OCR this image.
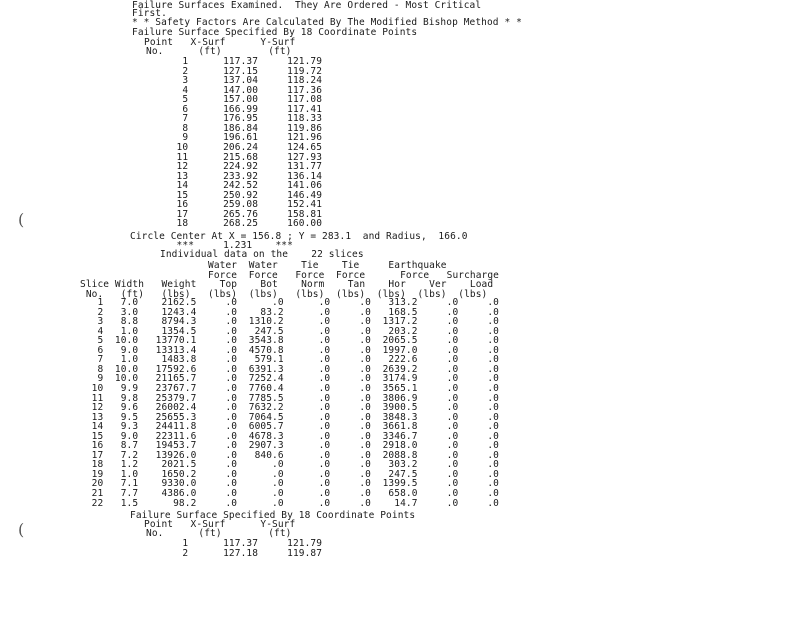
Failure Surfaces Examined.  They Are Ordered - Most Critical
First.
* * Safety Factors Are Calculated By The Modified Bishop Method * *
Failure Surface Specified By 18 Coordinate Points
Point   X-Surf      Y-Surf
No.      (ft)        (ft)
1      117.37     121.79
2      127.15     119.72
3      137.04     118.24
4      147.00     117.36
5      157.00     117.08
6      166.99     117.41
7      176.95     118.33
8      186.84     119.86
9      196.61     121.96
10      206.24     124.65
11      215.68     127.93
12      224.92     131.77
13      233.92     136.14
14      242.52     141.06
15      250.92     146.49
16      259.08     152.41
17      265.76     158.81
18      268.25     160.00
Circle Center At X = 156.8 ; Y = 283.1  and Radius,  166.0
***     1.231    ***
Individual data on the    22 slices
Water  Water    Tie    Tie     Earthquake
Force  Force   Force  Force      Force   Surcharge
Slice Width   Weight    Top    Bot    Norm    Tan    Hor    Ver    Load
No.   (ft)   (lbs)   (lbs)  (lbs)   (lbs)  (lbs)  (lbs)  (lbs)  (lbs)
1   7.0    2162.5     .0      .0      .0     .0   313.2     .0     .0
2   3.0    1243.4     .0    83.2      .0     .0   168.5     .0     .0
3   8.8    8794.3     .0  1310.2      .0     .0  1317.2     .0     .0
4   1.0    1354.5     .0   247.5      .0     .0   203.2     .0     .0
5  10.0   13770.1     .0  3543.8      .0     .0  2065.5     .0     .0
6   9.0   13313.4     .0  4570.8      .0     .0  1997.0     .0     .0
7   1.0    1483.8     .0   579.1      .0     .0   222.6     .0     .0
8  10.0   17592.6     .0  6391.3      .0     .0  2639.2     .0     .0
9  10.0   21165.7     .0  7252.4      .0     .0  3174.9     .0     .0
10   9.9   23767.7     .0  7760.4      .0     .0  3565.1     .0     .0
11   9.8   25379.7     .0  7785.5      .0     .0  3806.9     .0     .0
12   9.6   26002.4     .0  7632.2      .0     .0  3900.5     .0     .0
13   9.5   25655.3     .0  7064.5      .0     .0  3848.3     .0     .0
14   9.3   24411.8     .0  6005.7      .0     .0  3661.8     .0     .0
15   9.0   22311.6     .0  4678.3      .0     .0  3346.7     .0     .0
16   8.7   19453.7     .0  2907.3      .0     .0  2918.0     .0     .0
17   7.2   13926.0     .0   840.6      .0     .0  2088.8     .0     .0
18   1.2    2021.5     .0      .0      .0     .0   303.2     .0     .0
19   1.0    1650.2     .0      .0      .0     .0   247.5     .0     .0
20   7.1    9330.0     .0      .0      .0     .0  1399.5     .0     .0
21   7.7    4386.0     .0      .0      .0     .0   658.0     .0     .0
22   1.5      98.2     .0      .0      .0     .0    14.7     .0     .0
Failure Surface Specified By 18 Coordinate Points
Point   X-Surf      Y-Surf
No.      (ft)        (ft)
1      117.37     121.79
2      127.18     119.87
(
(
